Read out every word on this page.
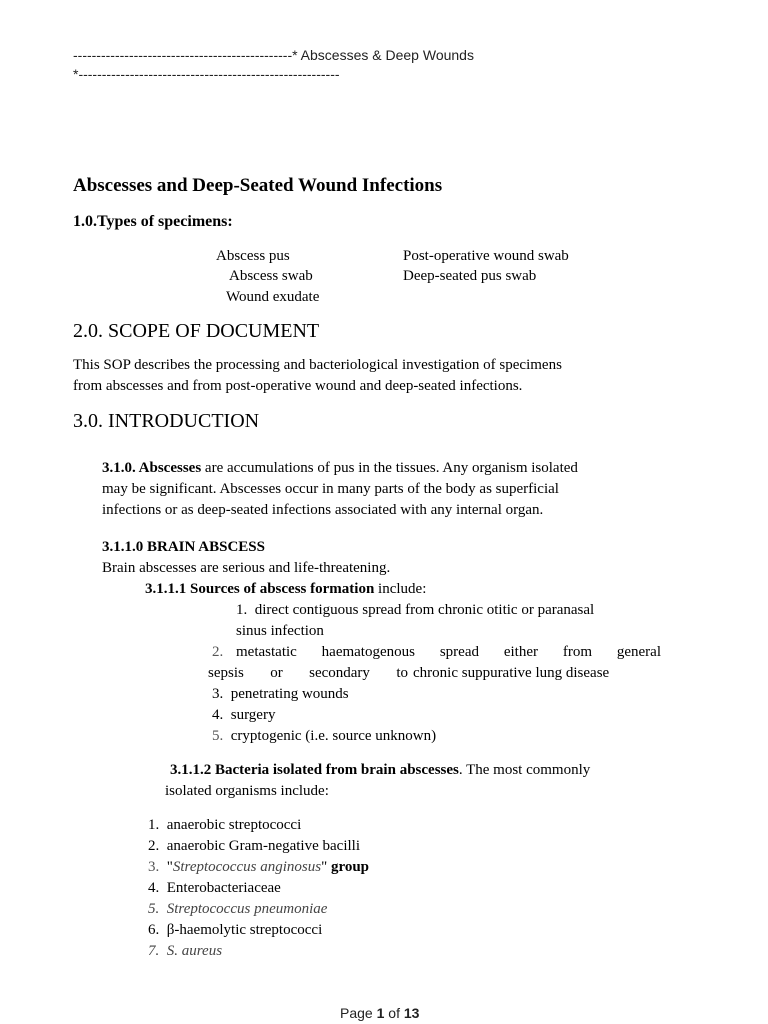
-----------------------------------------------* Abscesses & Deep Wounds
*--------------------------------------------------------
Abscesses and Deep-Seated Wound Infections
1.0.Types of specimens:
Abscess pus
Abscess swab
Wound exudate
Post-operative wound swab
Deep-seated pus swab
2.0. SCOPE OF DOCUMENT
This SOP describes the processing and bacteriological investigation of specimens
from abscesses and from post-operative wound and deep-seated infections.
3.0. INTRODUCTION
3.1.0. Abscesses are accumulations of pus in the tissues. Any organism isolated
may be significant. Abscesses occur in many parts of the body as superficial
infections or as deep-seated infections associated with any internal organ.
3.1.1.0 BRAIN ABSCESS
Brain abscesses are serious and life-threatening.
3.1.1.1 Sources of abscess formation include:
1. direct contiguous spread from chronic otitic or paranasal
sinus infection
2. metastatic haematogenous spread either from general
sepsis or secondary to chronic suppurative lung disease
3. penetrating wounds
4. surgery
5. cryptogenic (i.e. source unknown)
3.1.1.2 Bacteria isolated from brain abscesses. The most commonly
isolated organisms include:
1. anaerobic streptococci
2. anaerobic Gram-negative bacilli
3. "Streptococcus anginosus" group
4. Enterobacteriaceae
5. Streptococcus pneumoniae
6. β-haemolytic streptococci
7. S. aureus
Page 1 of 13
